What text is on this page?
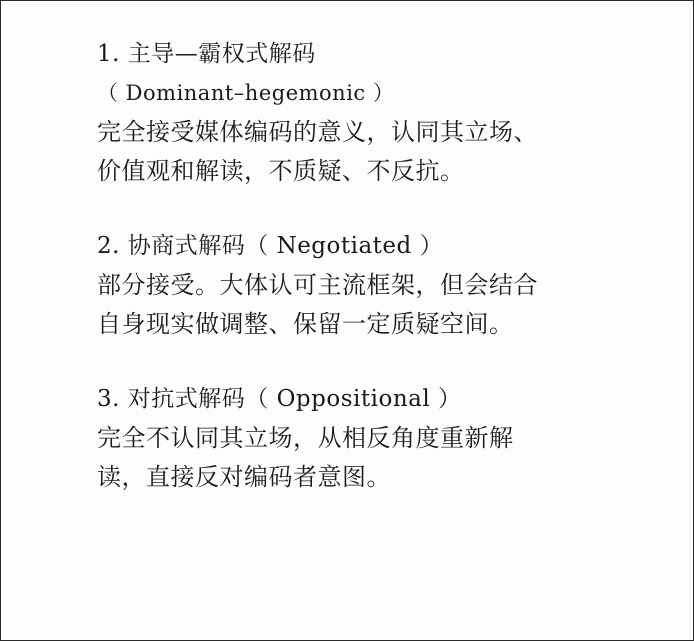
1. 主导—霸权式解码
（ Dominant–hegemonic ）
完全接受媒体编码的意义，认同其立场、
价值观和解读，不质疑、不反抗。
2. 协商式解码（ Negotiated ）
部分接受。大体认可主流框架，但会结合
自身现实做调整、保留一定质疑空间。
3. 对抗式解码（ Oppositional ）
完全不认同其立场，从相反角度重新解
读，直接反对编码者意图。
